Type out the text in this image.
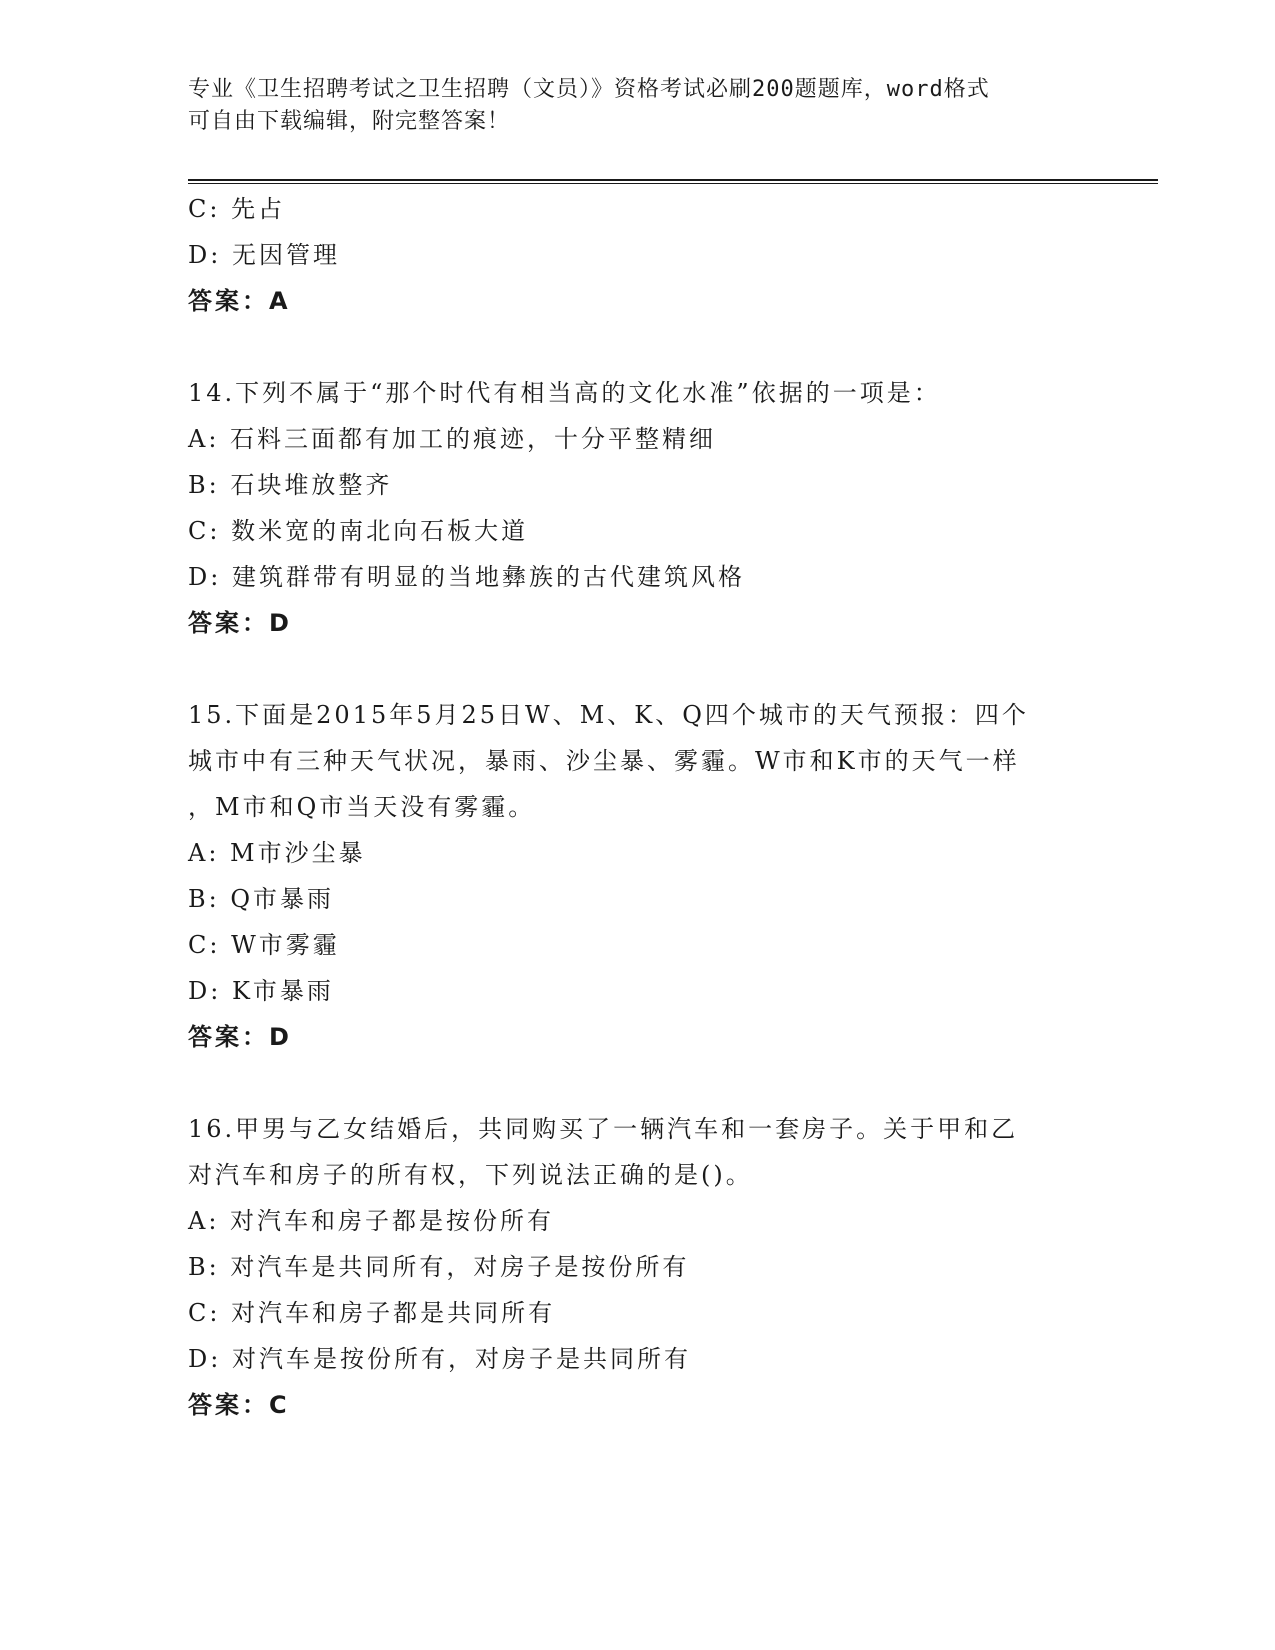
专业《卫生招聘考试之卫生招聘（文员）》资格考试必刷200题题库，word格式
可自由下载编辑，附完整答案！
C: 先占
D: 无因管理
答案：A
14.下列不属于“那个时代有相当高的文化水准”依据的一项是：
A: 石料三面都有加工的痕迹，十分平整精细
B: 石块堆放整齐
C: 数米宽的南北向石板大道
D: 建筑群带有明显的当地彝族的古代建筑风格
答案：D
15.下面是2015年5月25日W、M、K、Q四个城市的天气预报：四个
城市中有三种天气状况，暴雨、沙尘暴、雾霾。W市和K市的天气一样
，M市和Q市当天没有雾霾。
A: M市沙尘暴
B: Q市暴雨
C: W市雾霾
D: K市暴雨
答案：D
16.甲男与乙女结婚后，共同购买了一辆汽车和一套房子。关于甲和乙
对汽车和房子的所有权，下列说法正确的是()。
A: 对汽车和房子都是按份所有
B: 对汽车是共同所有，对房子是按份所有
C: 对汽车和房子都是共同所有
D: 对汽车是按份所有，对房子是共同所有
答案：C
